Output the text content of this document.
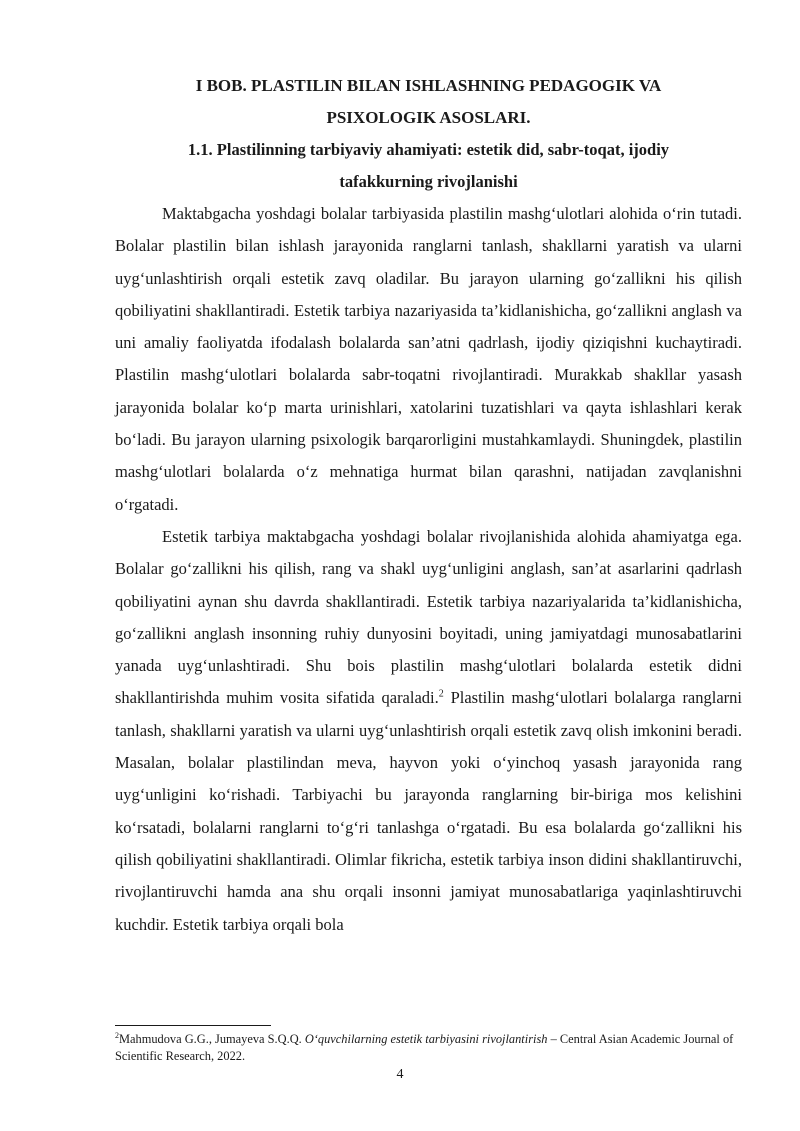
I BOB. PLASTILIN BILAN ISHLASHNING PEDAGOGIK VA PSIXOLOGIK ASOSLARI.
1.1. Plastilinning tarbiyaviy ahamiyati: estetik did, sabr-toqat, ijodiy tafakkurning rivojlanishi

Maktabgacha yoshdagi bolalar tarbiyasida plastilin mashg‘ulotlari alohida o‘rin tutadi. Bolalar plastilin bilan ishlash jarayonida ranglarni tanlash, shakllarni yaratish va ularni uyg‘unlashtirish orqali estetik zavq oladilar. Bu jarayon ularning go‘zallikni his qilish qobiliyatini shakllantiradi. Estetik tarbiya nazariyasida ta’kidlanishicha, go‘zallikni anglash va uni amaliy faoliyatda ifodalash bolalarda san’atni qadrlash, ijodiy qiziqishni kuchaytiradi. Plastilin mashg‘ulotlari bolalarda sabr-toqatni rivojlantiradi. Murakkab shakllar yasash jarayonida bolalar ko‘p marta urinishlari, xatolarini tuzatishlari va qayta ishlashlari kerak bo‘ladi. Bu jarayon ularning psixologik barqarorligini mustahkamlaydi. Shuningdek, plastilin mashg‘ulotlari bolalarda o‘z mehnatiga hurmat bilan qarashni, natijadan zavqlanishni o‘rgatadi.

Estetik tarbiya maktabgacha yoshdagi bolalar rivojlanishida alohida ahamiyatga ega. Bolalar go‘zallikni his qilish, rang va shakl uyg‘unligini anglash, san’at asarlarini qadrlash qobiliyatini aynan shu davrda shakllantiradi. Estetik tarbiya nazariyalarida ta’kidlanishicha, go‘zallikni anglash insonning ruhiy dunyosini boyitadi, uning jamiyatdagi munosabatlarini yanada uyg‘unlashtiradi. Shu bois plastilin mashg‘ulotlari bolalarda estetik didni shakllantirishda muhim vosita sifatida qaraladi.$^2$ Plastilin mashg‘ulotlari bolalarga ranglarni tanlash, shakllarni yaratish va ularni uyg‘unlashtirish orqali estetik zavq olish imkonini beradi. Masalan, bolalar plastilindan meva, hayvon yoki o‘yinchoq yasash jarayonida rang uyg‘unligini ko‘rishadi. Tarbiyachi bu jarayonda ranglarning bir-biriga mos kelishini ko‘rsatadi, bolalarni ranglarni to‘g‘ri tanlashga o‘rgatadi. Bu esa bolalarda go‘zallikni his qilish qobiliyatini shakllantiradi. Olimlar fikricha, estetik tarbiya inson didini shakllantiruvchi, rivojlantiruvchi hamda ana shu orqali insonni jamiyat munosabatlariga yaqinlashtiruvchi kuchdir. Estetik tarbiya orqali bola

$^2$Mahmudova G.G., Jumayeva S.Q.Q. O‘quvchilarning estetik tarbiyasini rivojlantirish – Central Asian Academic Journal of Scientific Research, 2022.

4
